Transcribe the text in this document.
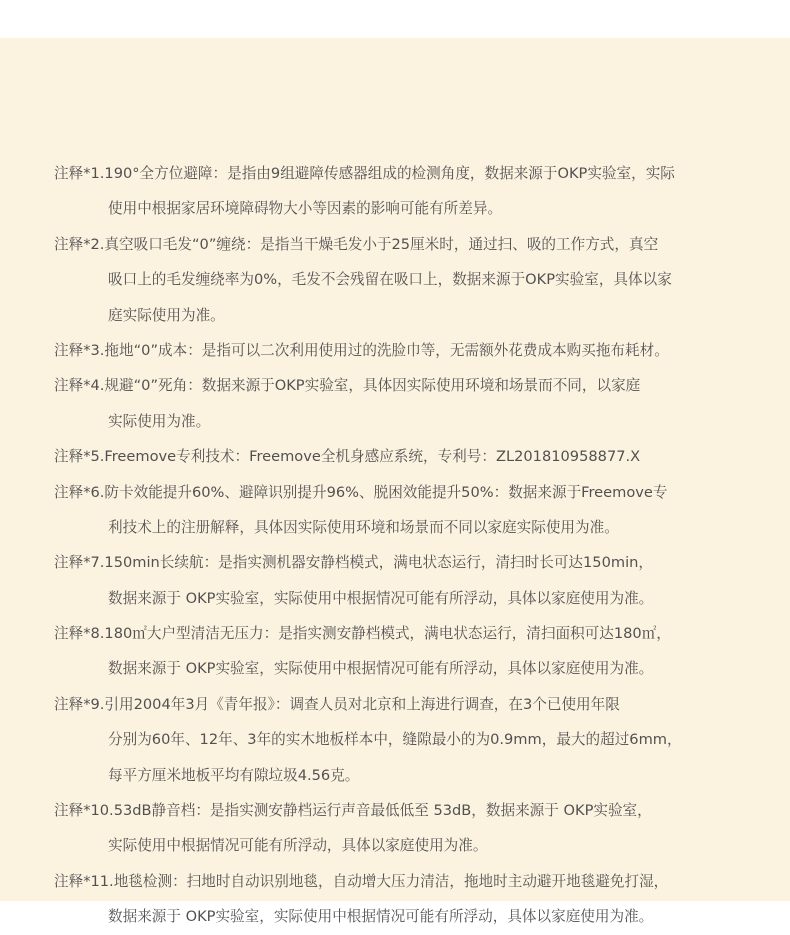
注释*1.190°全方位避障：是指由9组避障传感器组成的检测角度，数据来源于OKP实验室，实际
使用中根据家居环境障碍物大小等因素的影响可能有所差异。
注释*2.真空吸口毛发“0”缠绕：是指当干燥毛发小于25厘米时，通过扫、吸的工作方式，真空
吸口上的毛发缠绕率为0%，毛发不会残留在吸口上，数据来源于OKP实验室，具体以家
庭实际使用为准。
注释*3.拖地“0”成本：是指可以二次利用使用过的洗脸巾等，无需额外花费成本购买拖布耗材。
注释*4.规避“0”死角：数据来源于OKP实验室，具体因实际使用环境和场景而不同，以家庭
实际使用为准。
注释*5.Freemove专利技术：Freemove全机身感应系统，专利号：ZL201810958877.X
注释*6.防卡效能提升60%、避障识别提升96%、脱困效能提升50%：数据来源于Freemove专
利技术上的注册解释，具体因实际使用环境和场景而不同以家庭实际使用为准。
注释*7.150min长续航：是指实测机器安静档模式，满电状态运行，清扫时长可达150min，
数据来源于 OKP实验室，实际使用中根据情况可能有所浮动，具体以家庭使用为准。
注释*8.180㎡大户型清洁无压力：是指实测安静档模式，满电状态运行，清扫面积可达180㎡，
数据来源于 OKP实验室，实际使用中根据情况可能有所浮动，具体以家庭使用为准。
注释*9.引用2004年3月《青年报》：调查人员对北京和上海进行调查，在3个已使用年限
分别为60年、12年、3年的实木地板样本中，缝隙最小的为0.9mm，最大的超过6mm，
每平方厘米地板平均有隙垃圾4.56克。
注释*10.53dB静音档：是指实测安静档运行声音最低低至 53dB，数据来源于 OKP实验室，
实际使用中根据情况可能有所浮动，具体以家庭使用为准。
注释*11.地毯检测：扫地时自动识别地毯，自动增大压力清洁，拖地时主动避开地毯避免打湿，
数据来源于 OKP实验室，实际使用中根据情况可能有所浮动，具体以家庭使用为准。
